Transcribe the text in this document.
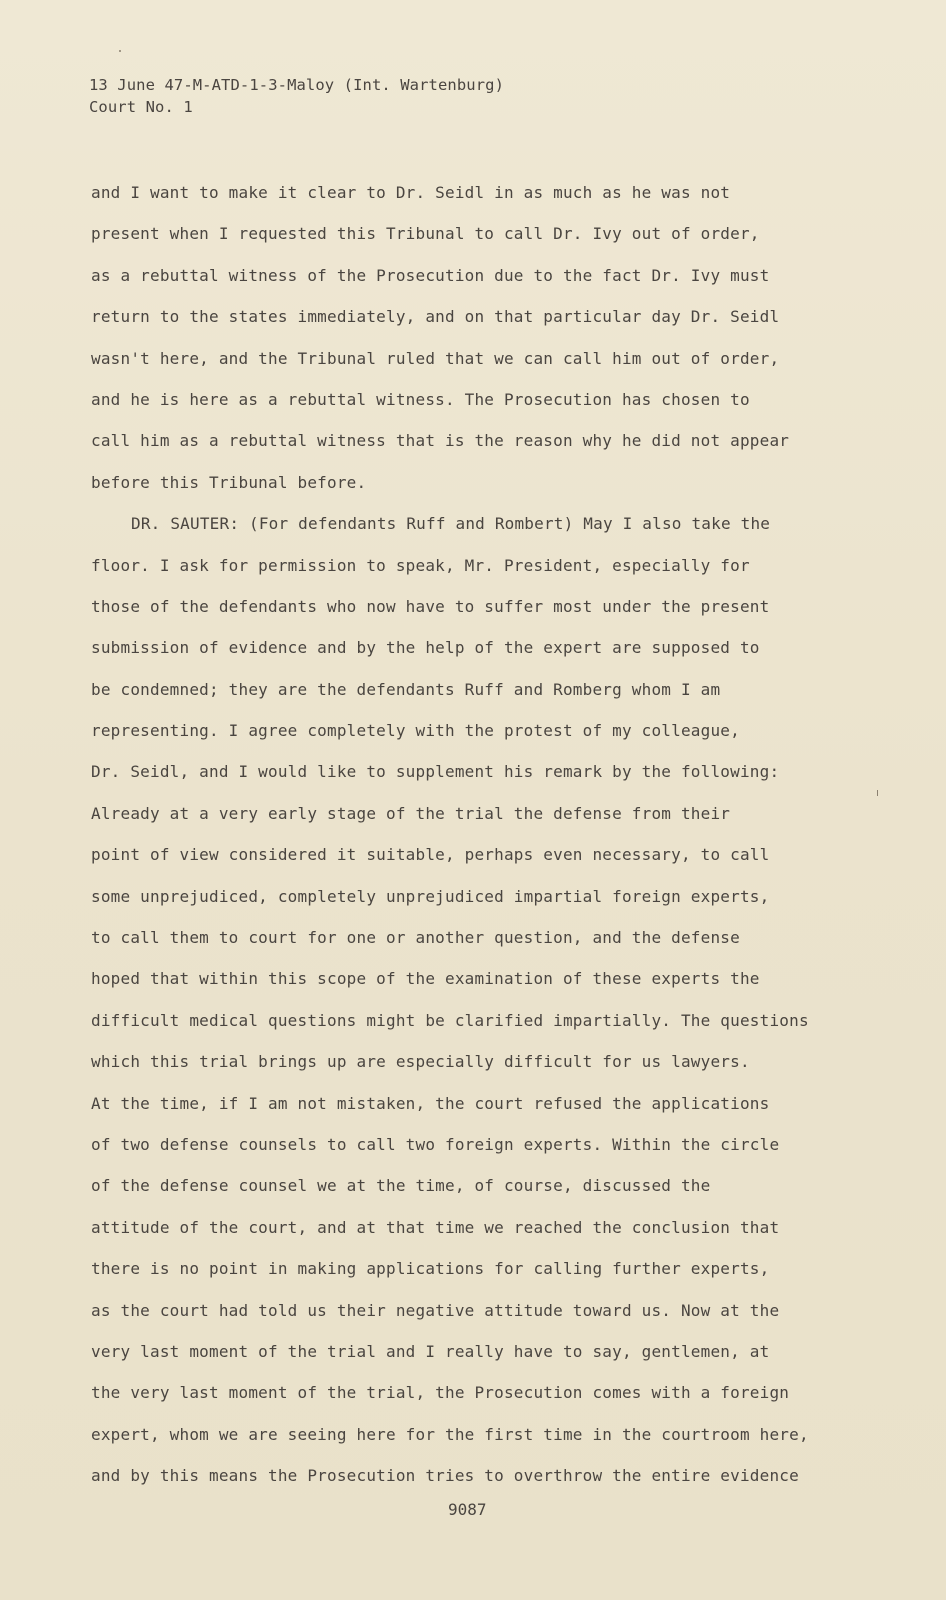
13 June 47-M-ATD-1-3-Maloy (Int. Wartenburg)
Court No. 1
and I want to make it clear to Dr. Seidl in as much as he was not
present when I requested this Tribunal to call Dr. Ivy out of order,
as a rebuttal witness of the Prosecution due to the fact Dr. Ivy must
return to the states immediately, and on that particular day Dr. Seidl
wasn't here, and the Tribunal ruled that we can call him out of order,
and he is here as a rebuttal witness. The Prosecution has chosen to
call him as a rebuttal witness that is the reason why he did not appear
before this Tribunal before.
DR. SAUTER: (For defendants Ruff and Rombert) May I also take the
floor. I ask for permission to speak, Mr. President, especially for
those of the defendants who now have to suffer most under the present
submission of evidence and by the help of the expert are supposed to
be condemned; they are the defendants Ruff and Romberg whom I am
representing. I agree completely with the protest of my colleague,
Dr. Seidl, and I would like to supplement his remark by the following:
Already at a very early stage of the trial the defense from their
point of view considered it suitable, perhaps even necessary, to call
some unprejudiced, completely unprejudiced impartial foreign experts,
to call them to court for one or another question, and the defense
hoped that within this scope of the examination of these experts the
difficult medical questions might be clarified impartially. The questions
which this trial brings up are especially difficult for us lawyers.
At the time, if I am not mistaken, the court refused the applications
of two defense counsels to call two foreign experts. Within the circle
of the defense counsel we at the time, of course, discussed the
attitude of the court, and at that time we reached the conclusion that
there is no point in making applications for calling further experts,
as the court had told us their negative attitude toward us. Now at the
very last moment of the trial and I really have to say, gentlemen, at
the very last moment of the trial, the Prosecution comes with a foreign
expert, whom we are seeing here for the first time in the courtroom here,
and by this means the Prosecution tries to overthrow the entire evidence
9087
